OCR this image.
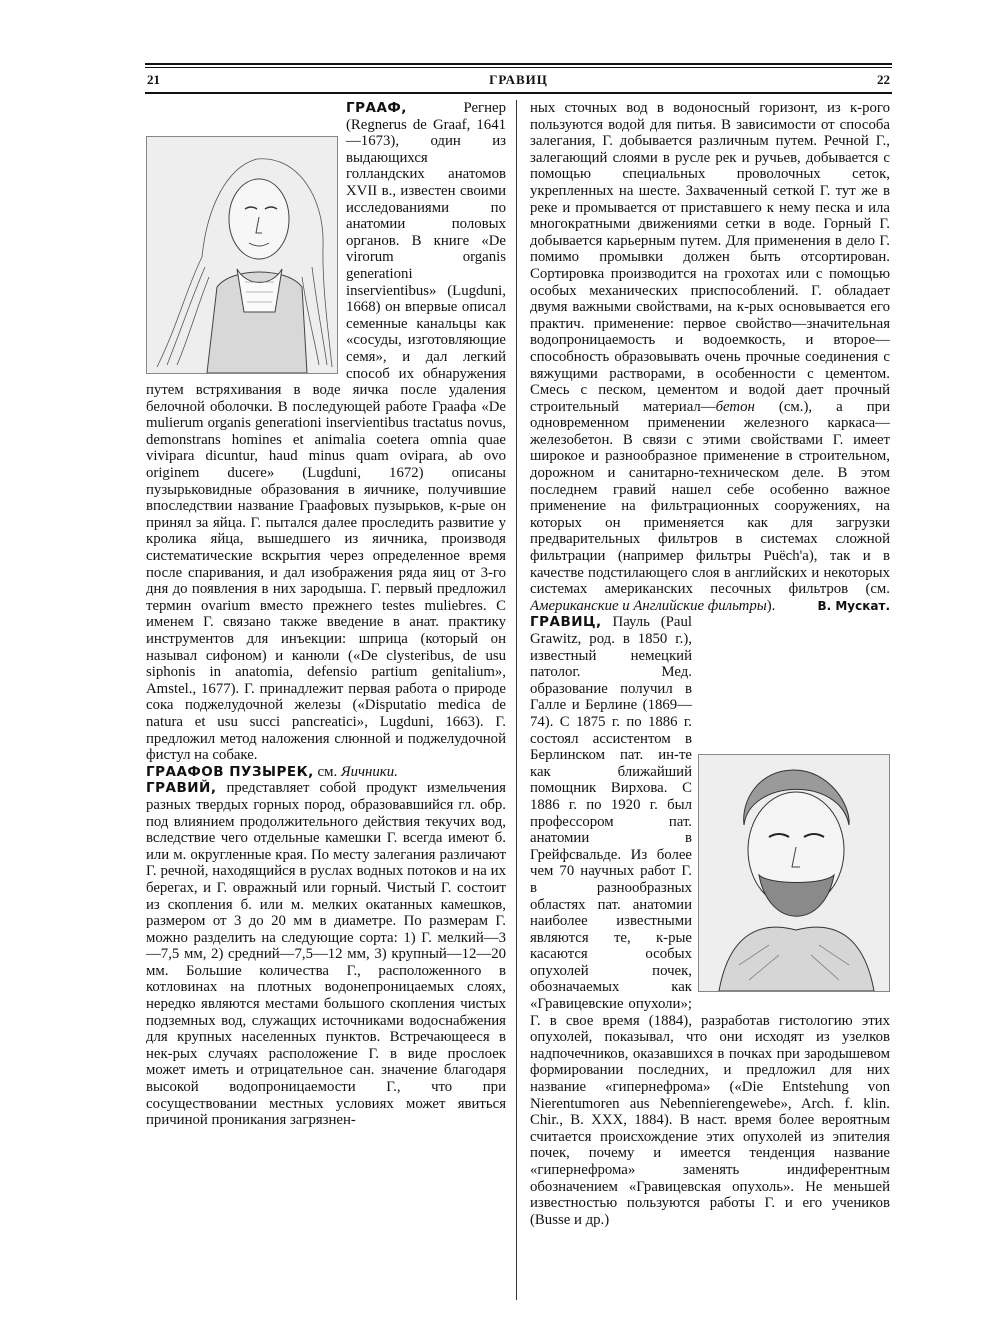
21	ГРАВИЦ	22

ГРААФ,	Регнер (Regnerus de Graaf, 1641—1673), один из выдающихся голландских анатомов XVII в., известен своими исследованиями по анатомии половых органов. В книге «De virorum organis generationi inservientibus» (Lugduni, 1668) он впервые описал семенные канальцы как «сосуды, изготовляющие семя», и дал легкий способ их обнаружения путем встряхивания в воде яичка после удаления белочной оболочки. В последующей работе Граафа «De mulierum organis generationi inservientibus tractatus novus, demonstrans homines et animalia coetera omnia quae vivipara dicuntur, haud minus quam ovipara, ab ovo originem ducere» (Lugduni, 1672) описаны пузырьковидные образования в яичнике, получившие впоследствии название Граафовых пузырьков, к-рые он принял за яйца. Г. пытался далее проследить развитие у кролика яйца, вышедшего из яичника, производя систематические вскрытия через определенное время после спаривания, и дал изображения ряда яиц от 3-го дня до появления в них зародыша. Г. первый предложил термин ovarium вместо прежнего testes muliebres. С именем Г. связано также введение в анат. практику инструментов для инъекции: шприца (который он называл сифоном) и канюли («De clysteribus, de usu siphonis in anatomia, defensio partium genitalium», Amstel., 1677). Г. принадлежит первая работа о природе сока поджелудочной железы («Disputatio medica de natura et usu succi pancreatici», Lugduni, 1663). Г. предложил метод наложения слюнной и поджелудочной фистул на собаке.

ГРААФОВ ПУЗЫРЕК, см. Яичники.

ГРАВИЙ, представляет собой продукт измельчения разных твердых горных пород, образовавшийся гл. обр. под влиянием продолжительного действия текучих вод, вследствие чего отдельные камешки Г. всегда имеют б. или м. округленные края. По месту залегания различают Г. речной, находящийся в руслах водных потоков и на их берегах, и Г. овражный или горный. Чистый Г. состоит из скопления б. или м. мелких окатанных камешков, размером от 3 до 20 мм в диаметре. По размерам Г. можно разделить на следующие сорта: 1) Г. мелкий—3—7,5 мм, 2) средний—7,5—12 мм, 3) крупный—12—20 мм. Большие количества Г., расположенного в котловинах на плотных водонепроницаемых слоях, нередко являются местами большого скопления чистых подземных вод, служащих источниками водоснабжения для крупных населенных пунктов. Встречающееся в нек-рых случаях расположение Г. в виде прослоек может иметь и отрицательное сан. значение благодаря высокой водопроницаемости Г., что при сосуществовании местных условиях может явиться причиной проникания загрязнен-

ных сточных вод в водоносный горизонт, из к-рого пользуются водой для питья. В зависимости от способа залегания, Г. добывается различным путем. Речной Г., залегающий слоями в русле рек и ручьев, добывается с помощью специальных проволочных сеток, укрепленных на шесте. Захваченный сеткой Г. тут же в реке и промывается от приставшего к нему песка и ила многократными движениями сетки в воде. Горный Г. добывается карьерным путем. Для применения в дело Г. помимо промывки должен быть отсортирован. Сортировка производится на грохотах или с помощью особых механических приспособлений. Г. обладает двумя важными свойствами, на к-рых основывается его практич. применение: первое свойство—значительная водопроницаемость и водоемкость, и второе—способность образовывать очень прочные соединения с вяжущими растворами, в особенности с цементом. Смесь с песком, цементом и водой дает прочный строительный материал—бетон (см.), а при одновременном применении железного каркаса—железобетон. В связи с этими свойствами Г. имеет широкое и разнообразное применение в строительном, дорожном и санитарно-техническом деле. В этом последнем гравий нашел себе особенно важное применение на фильтрационных сооружениях, на которых он применяется как для загрузки предварительных фильтров в системах сложной фильтрации (например фильтры Puëch'a), так и в качестве подстилающего слоя в английских и некоторых системах американских песочных фильтров (см. Американские и Английские фильтры).	В. Мускат.

ГРАВИЦ, Пауль (Paul Grawitz, род. в 1850 г.), известный немецкий патолог. Мед. образование получил в Галле и Берлине (1869—74). С 1875 г. по 1886 г. состоял ассистентом в Берлинском пат. ин-те как ближайший помощник Вирхова. С 1886 г. по 1920 г. был профессором пат. анатомии в Грейфсвальде. Из более чем 70 научных работ Г. в разнообразных областях пат. анатомии наиболее известными являются те, к-рые касаются особых опухолей почек, обозначаемых как «Гравицевские опухоли»; Г. в свое время (1884), разработав гистологию этих опухолей, показывал, что они исходят из узелков надпочечников, оказавшихся в почках при зародышевом формировании последних, и предложил для них название «гипернефрома» («Die Entstehung von Nierentumoren aus Nebennierengewebe», Arch. f. klin. Chir., B. XXX, 1884). В наст. время более вероятным считается происхождение этих опухолей из эпителия почек, почему и имеется тенденция название «гипернефрома» заменять индиферентным обозначением «Гравицевская опухоль». Не меньшей известностью пользуются работы Г. и его учеников (Busse и др.)
